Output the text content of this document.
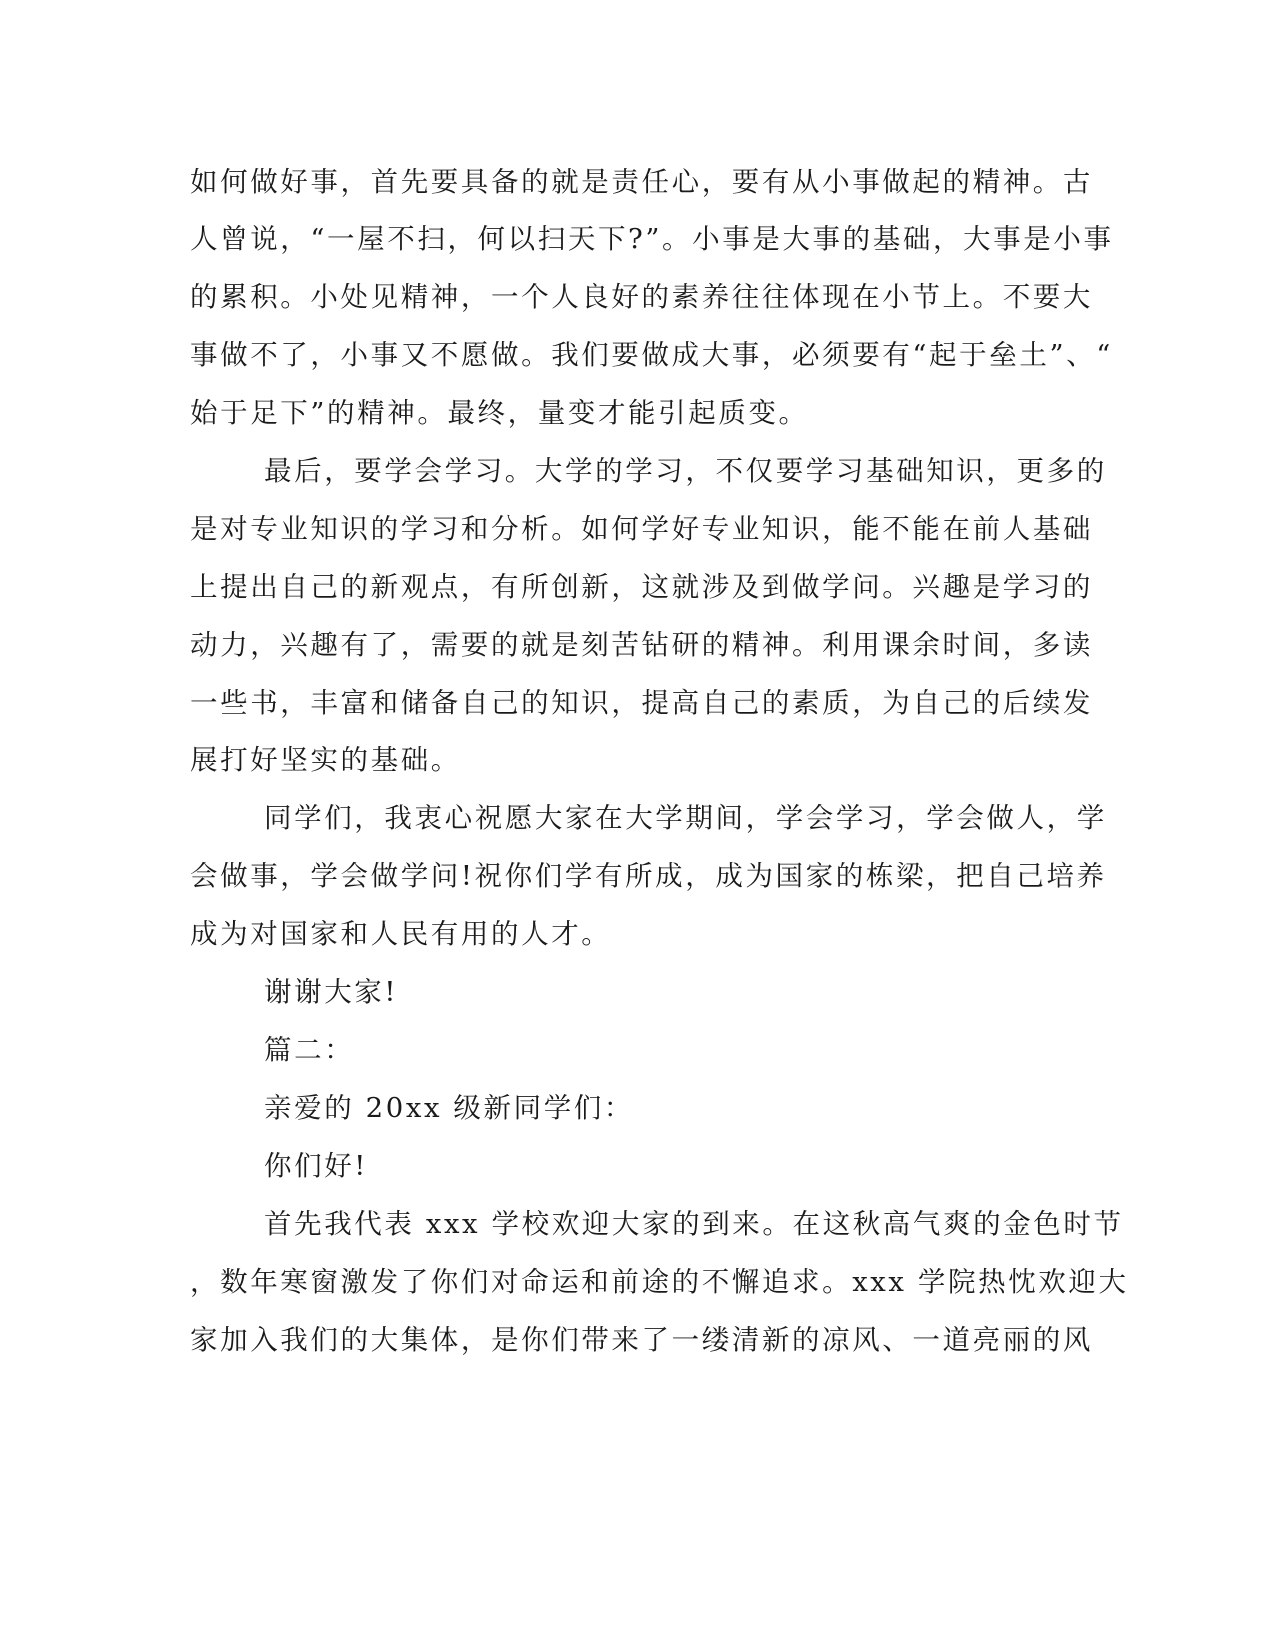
如何做好事，首先要具备的就是责任心，要有从小事做起的精神。古

人曾说，“一屋不扫，何以扫天下?”。小事是大事的基础，大事是小事

的累积。小处见精神，一个人良好的素养往往体现在小节上。不要大

事做不了，小事又不愿做。我们要做成大事，必须要有“起于垒土”、“

始于足下”的精神。最终，量变才能引起质变。

最后，要学会学习。大学的学习，不仅要学习基础知识，更多的

是对专业知识的学习和分析。如何学好专业知识，能不能在前人基础

上提出自己的新观点，有所创新，这就涉及到做学问。兴趣是学习的

动力，兴趣有了，需要的就是刻苦钻研的精神。利用课余时间，多读

一些书，丰富和储备自己的知识，提高自己的素质，为自己的后续发

展打好坚实的基础。

同学们，我衷心祝愿大家在大学期间，学会学习，学会做人，学

会做事，学会做学问!祝你们学有所成，成为国家的栋梁，把自己培养

成为对国家和人民有用的人才。

谢谢大家!

篇二：

亲爱的 20xx 级新同学们：

你们好!

首先我代表 xxx 学校欢迎大家的到来。在这秋高气爽的金色时节

，数年寒窗激发了你们对命运和前途的不懈追求。xxx 学院热忱欢迎大

家加入我们的大集体，是你们带来了一缕清新的凉风、一道亮丽的风
